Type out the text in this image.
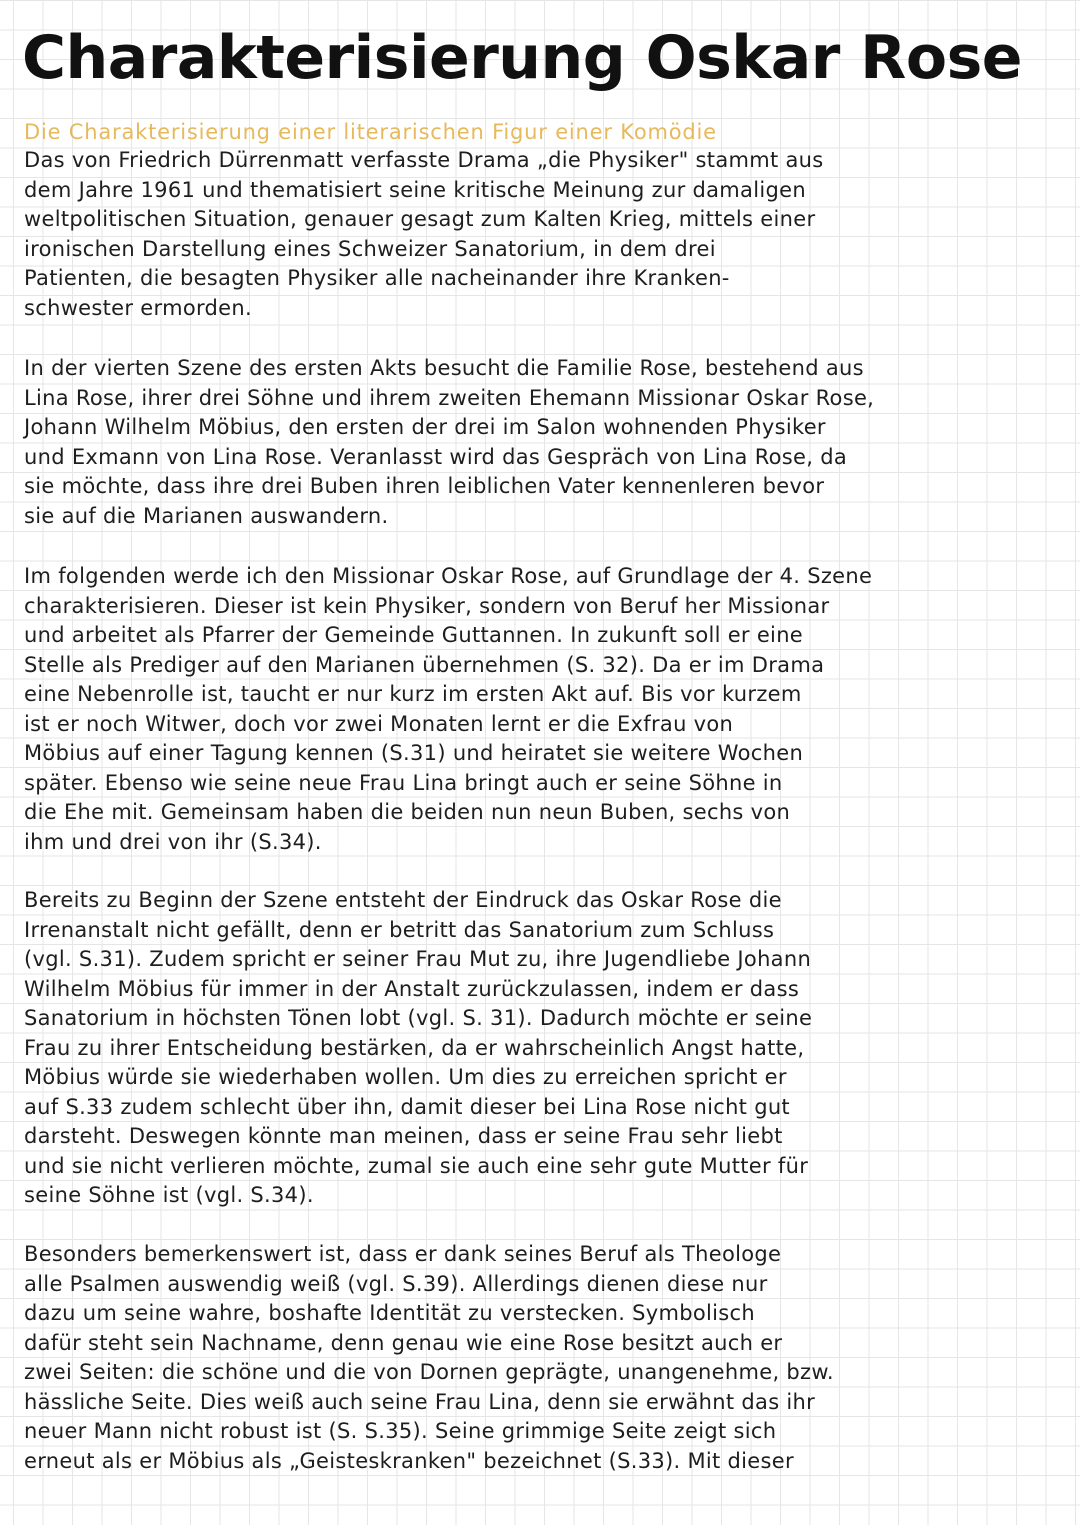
Charakterisierung Oskar Rose
Die Charakterisierung einer literarischen Figur einer Komödie
Das von Friedrich Dürrenmatt verfasste Drama „die Physiker" stammt aus
dem Jahre 1961 und thematisiert seine kritische Meinung zur damaligen
weltpolitischen Situation, genauer gesagt zum Kalten Krieg, mittels einer
ironischen Darstellung eines Schweizer Sanatorium, in dem drei
Patienten, die besagten Physiker alle nacheinander ihre Kranken-
schwester ermorden.
In der vierten Szene des ersten Akts besucht die Familie Rose, bestehend aus
Lina Rose, ihrer drei Söhne und ihrem zweiten Ehemann Missionar Oskar Rose,
Johann Wilhelm Möbius, den ersten der drei im Salon wohnenden Physiker
und Exmann von Lina Rose. Veranlasst wird das Gespräch von Lina Rose, da
sie möchte, dass ihre drei Buben ihren leiblichen Vater kennenleren bevor
sie auf die Marianen auswandern.
Im folgenden werde ich den Missionar Oskar Rose, auf Grundlage der 4. Szene
charakterisieren. Dieser ist kein Physiker, sondern von Beruf her Missionar
und arbeitet als Pfarrer der Gemeinde Guttannen. In zukunft soll er eine
Stelle als Prediger auf den Marianen übernehmen (S. 32). Da er im Drama
eine Nebenrolle ist, taucht er nur kurz im ersten Akt auf. Bis vor kurzem
ist er noch Witwer, doch vor zwei Monaten lernt er die Exfrau von
Möbius auf einer Tagung kennen (S.31) und heiratet sie weitere Wochen
später. Ebenso wie seine neue Frau Lina bringt auch er seine Söhne in
die Ehe mit. Gemeinsam haben die beiden nun neun Buben, sechs von
ihm und drei von ihr (S.34).
Bereits zu Beginn der Szene entsteht der Eindruck das Oskar Rose die
Irrenanstalt nicht gefällt, denn er betritt das Sanatorium zum Schluss
(vgl. S.31). Zudem spricht er seiner Frau Mut zu, ihre Jugendliebe Johann
Wilhelm Möbius für immer in der Anstalt zurückzulassen, indem er dass
Sanatorium in höchsten Tönen lobt (vgl. S. 31). Dadurch möchte er seine
Frau zu ihrer Entscheidung bestärken, da er wahrscheinlich Angst hatte,
Möbius würde sie wiederhaben wollen. Um dies zu erreichen spricht er
auf S.33 zudem schlecht über ihn, damit dieser bei Lina Rose nicht gut
darsteht. Deswegen könnte man meinen, dass er seine Frau sehr liebt
und sie nicht verlieren möchte, zumal sie auch eine sehr gute Mutter für
seine Söhne ist (vgl. S.34).
Besonders bemerkenswert ist, dass er dank seines Beruf als Theologe
alle Psalmen auswendig weiß (vgl. S.39). Allerdings dienen diese nur
dazu um seine wahre, boshafte Identität zu verstecken. Symbolisch
dafür steht sein Nachname, denn genau wie eine Rose besitzt auch er
zwei Seiten: die schöne und die von Dornen geprägte, unangenehme, bzw.
hässliche Seite. Dies weiß auch seine Frau Lina, denn sie erwähnt das ihr
neuer Mann nicht robust ist (S. S.35). Seine grimmige Seite zeigt sich
erneut als er Möbius als „Geisteskranken" bezeichnet (S.33). Mit dieser
